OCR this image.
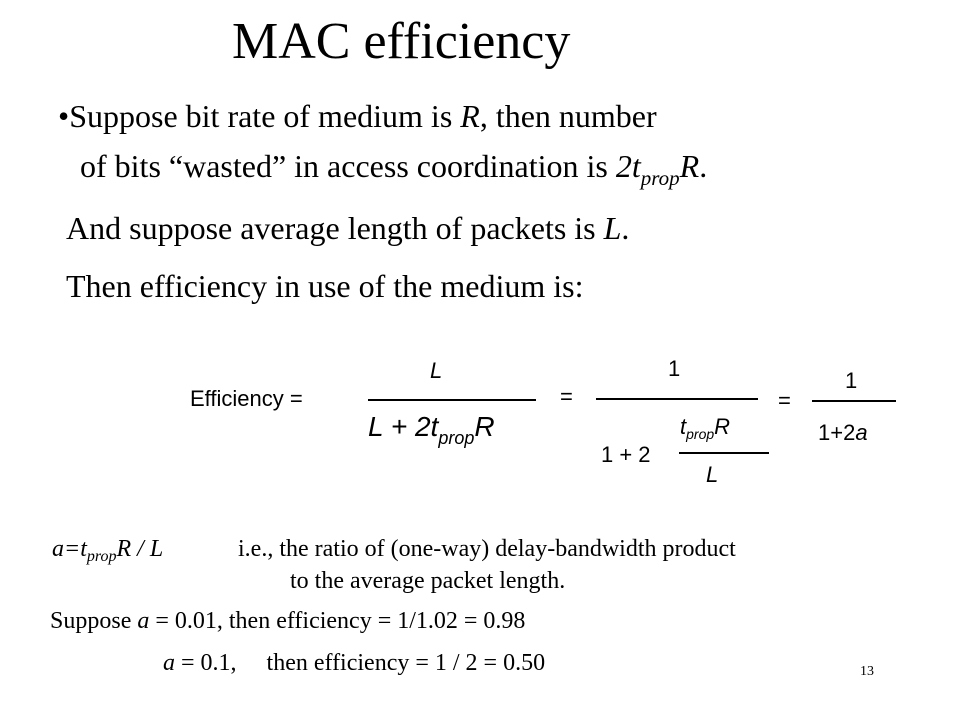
MAC efficiency
•Suppose bit rate of medium is R, then number
of bits “wasted” in access coordination is $2t_{prop}R$.
And suppose average length of packets is L.
Then efficiency in use of the medium is:
Efficiency =
L
$L + 2t_{prop}R$
=
1
1 + 2
$t_{prop}R$
L
=
1
1+2a
$a=t_{prop}R / L$	i.e., the ratio of (one-way) delay-bandwidth product
to the average packet length.
Suppose a = 0.01, then efficiency = 1/1.02 = 0.98
a = 0.1,     then efficiency = 1 / 2 = 0.50	13
